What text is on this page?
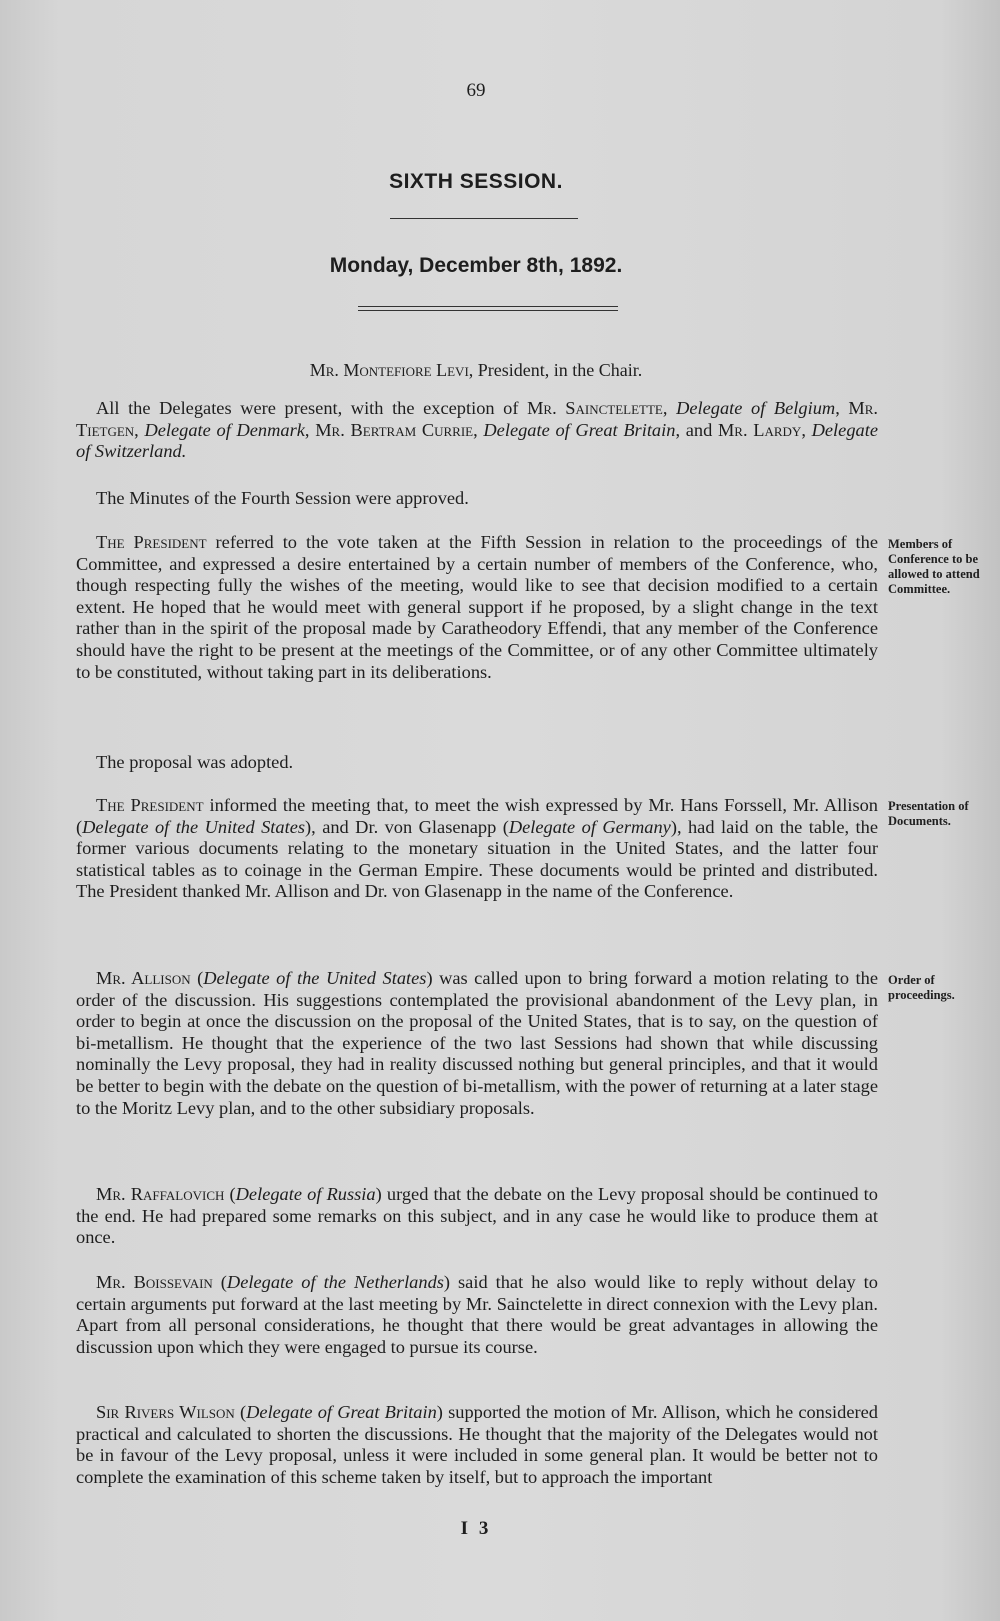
69
SIXTH SESSION.
Monday, December 8th, 1892.
Mr. Montefiore Levi, President, in the Chair.

All the Delegates were present, with the exception of Mr. Sainctelette, Delegate of Belgium, Mr. Tietgen, Delegate of Denmark, Mr. Bertram Currie, Delegate of Great Britain, and Mr. Lardy, Delegate of Switzerland.

The Minutes of the Fourth Session were approved.

The President referred to the vote taken at the Fifth Session in relation to the proceedings of the Committee, and expressed a desire entertained by a certain number of members of the Conference, who, though respecting fully the wishes of the meeting, would like to see that decision modified to a certain extent. He hoped that he would meet with general support if he proposed, by a slight change in the text rather than in the spirit of the proposal made by Caratheodory Effendi, that any member of the Conference should have the right to be present at the meetings of the Committee, or of any other Committee ultimately to be constituted, without taking part in its deliberations.

Members of Conference to be allowed to attend Committee.

The proposal was adopted.

The President informed the meeting that, to meet the wish expressed by Mr. Hans Forssell, Mr. Allison (Delegate of the United States), and Dr. von Glasenapp (Delegate of Germany), had laid on the table, the former various documents relating to the monetary situation in the United States, and the latter four statistical tables as to coinage in the German Empire. These documents would be printed and distributed. The President thanked Mr. Allison and Dr. von Glasenapp in the name of the Conference.

Presentation of Documents.

Mr. Allison (Delegate of the United States) was called upon to bring forward a motion relating to the order of the discussion. His suggestions contemplated the provisional abandonment of the Levy plan, in order to begin at once the discussion on the proposal of the United States, that is to say, on the question of bi-metallism. He thought that the experience of the two last Sessions had shown that while discussing nominally the Levy proposal, they had in reality discussed nothing but general principles, and that it would be better to begin with the debate on the question of bi-metallism, with the power of returning at a later stage to the Moritz Levy plan, and to the other subsidiary proposals.

Order of proceedings.

Mr. Raffalovich (Delegate of Russia) urged that the debate on the Levy proposal should be continued to the end. He had prepared some remarks on this subject, and in any case he would like to produce them at once.

Mr. Boissevain (Delegate of the Netherlands) said that he also would like to reply without delay to certain arguments put forward at the last meeting by Mr. Sainctelette in direct connexion with the Levy plan. Apart from all personal considerations, he thought that there would be great advantages in allowing the discussion upon which they were engaged to pursue its course.

Sir Rivers Wilson (Delegate of Great Britain) supported the motion of Mr. Allison, which he considered practical and calculated to shorten the discussions. He thought that the majority of the Delegates would not be in favour of the Levy proposal, unless it were included in some general plan. It would be better not to complete the examination of this scheme taken by itself, but to approach the important

I 3
